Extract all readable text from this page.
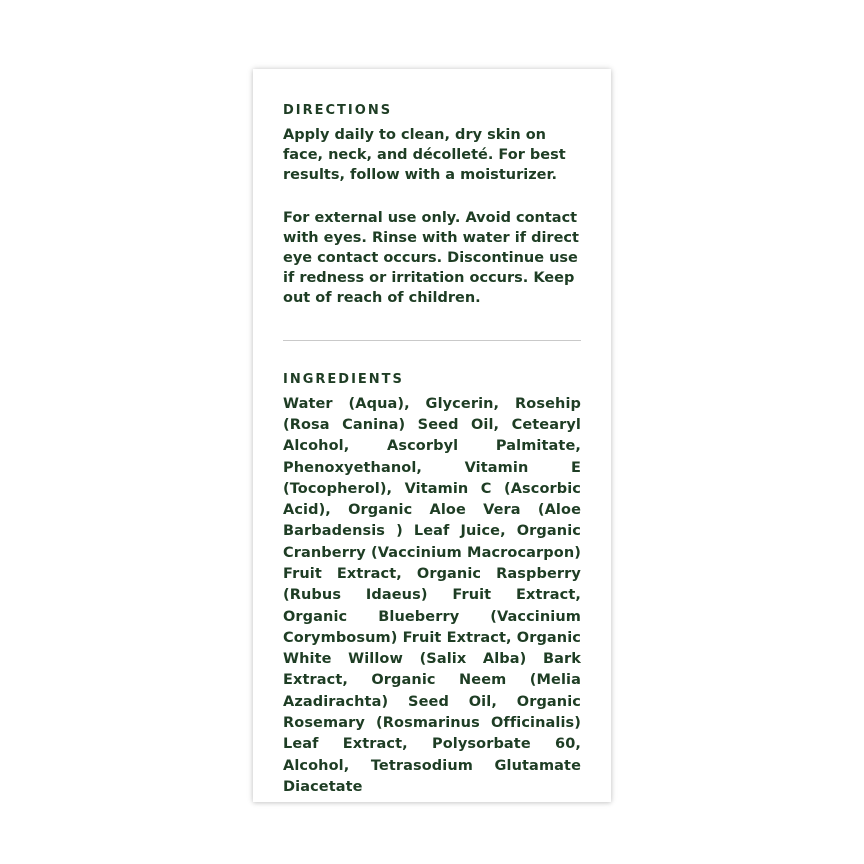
DIRECTIONS

Apply daily to clean, dry skin on face, neck, and décolleté. For best results, follow with a moisturizer.

For external use only. Avoid contact with eyes. Rinse with water if direct eye contact occurs. Discontinue use if redness or irritation occurs. Keep out of reach of children.

INGREDIENTS

Water (Aqua), Glycerin, Rosehip (Rosa Canina) Seed Oil, Cetearyl Alcohol, Ascorbyl Palmitate, Phenoxyethanol, Vitamin E (Tocopherol), Vitamin C (Ascorbic Acid), Organic Aloe Vera (Aloe Barbadensis ) Leaf Juice, Organic Cranberry (Vaccinium Macrocarpon) Fruit Extract, Organic Raspberry (Rubus Idaeus) Fruit Extract, Organic Blueberry (Vaccinium Corymbosum) Fruit Extract, Organic White Willow (Salix Alba) Bark Extract, Organic Neem (Melia Azadirachta) Seed Oil, Organic Rosemary (Rosmarinus Officinalis) Leaf Extract, Polysorbate 60, Alcohol, Tetrasodium Glutamate Diacetate
